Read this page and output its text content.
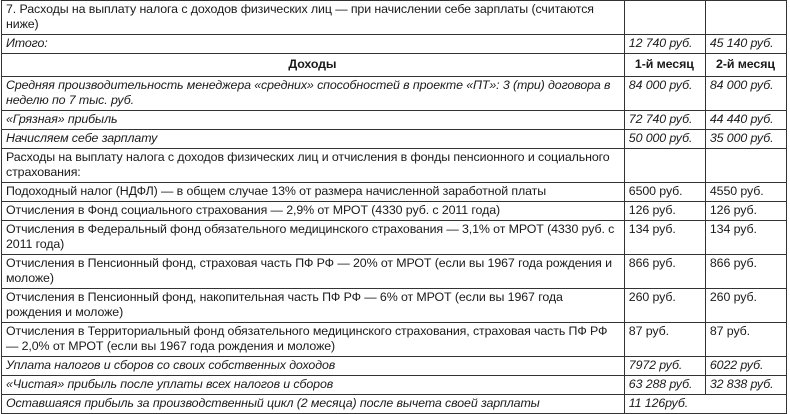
7. Расходы на выплату налога с доходов физических лиц — при начислении себе зарплаты (считаются ниже)		
Итого:	12 740 руб.	45 140 руб.
Доходы	1-й месяц	2-й месяц
Средняя производительность менеджера «средних» способностей в проекте «ПТ»: 3 (три) договора в неделю по 7 тыс. руб.	84 000 руб.	84 000 руб.
«Грязная» прибыль	72 740 руб.	44 440 руб.
Начисляем себе зарплату	50 000 руб.	35 000 руб.
Расходы на выплату налога с доходов физических лиц и отчисления в фонды пенсионного и социального страхования:		
Подоходный налог (НДФЛ) — в общем случае 13% от размера начисленной заработной платы	6500 руб.	4550 руб.
Отчисления в Фонд социального страхования — 2,9% от МРОТ (4330 руб. с 2011 года)	126 руб.	126 руб.
Отчисления в Федеральный фонд обязательного медицинского страхования — 3,1% от МРОТ (4330 руб. с 2011 года)	134 руб.	134 руб.
Отчисления в Пенсионный фонд, страховая часть ПФ РФ — 20% от МРОТ (если вы 1967 года рождения и моложе)	866 руб.	866 руб.
Отчисления в Пенсионный фонд, накопительная часть ПФ РФ — 6% от МРОТ (если вы 1967 года рождения и моложе)	260 руб.	260 руб.
Отчисления в Территориальный фонд обязательного медицинского страхования, страховая часть ПФ РФ — 2,0% от МРОТ (если вы 1967 года рождения и моложе)	87 руб.	87 руб.
Уплата налогов и сборов со своих собственных доходов	7972 руб.	6022 руб.
«Чистая» прибыль после уплаты всех налогов и сборов	63 288 руб.	32 838 руб.
Оставшаяся прибыль за производственный цикл (2 месяца) после вычета своей зарплаты	11 126руб.	
